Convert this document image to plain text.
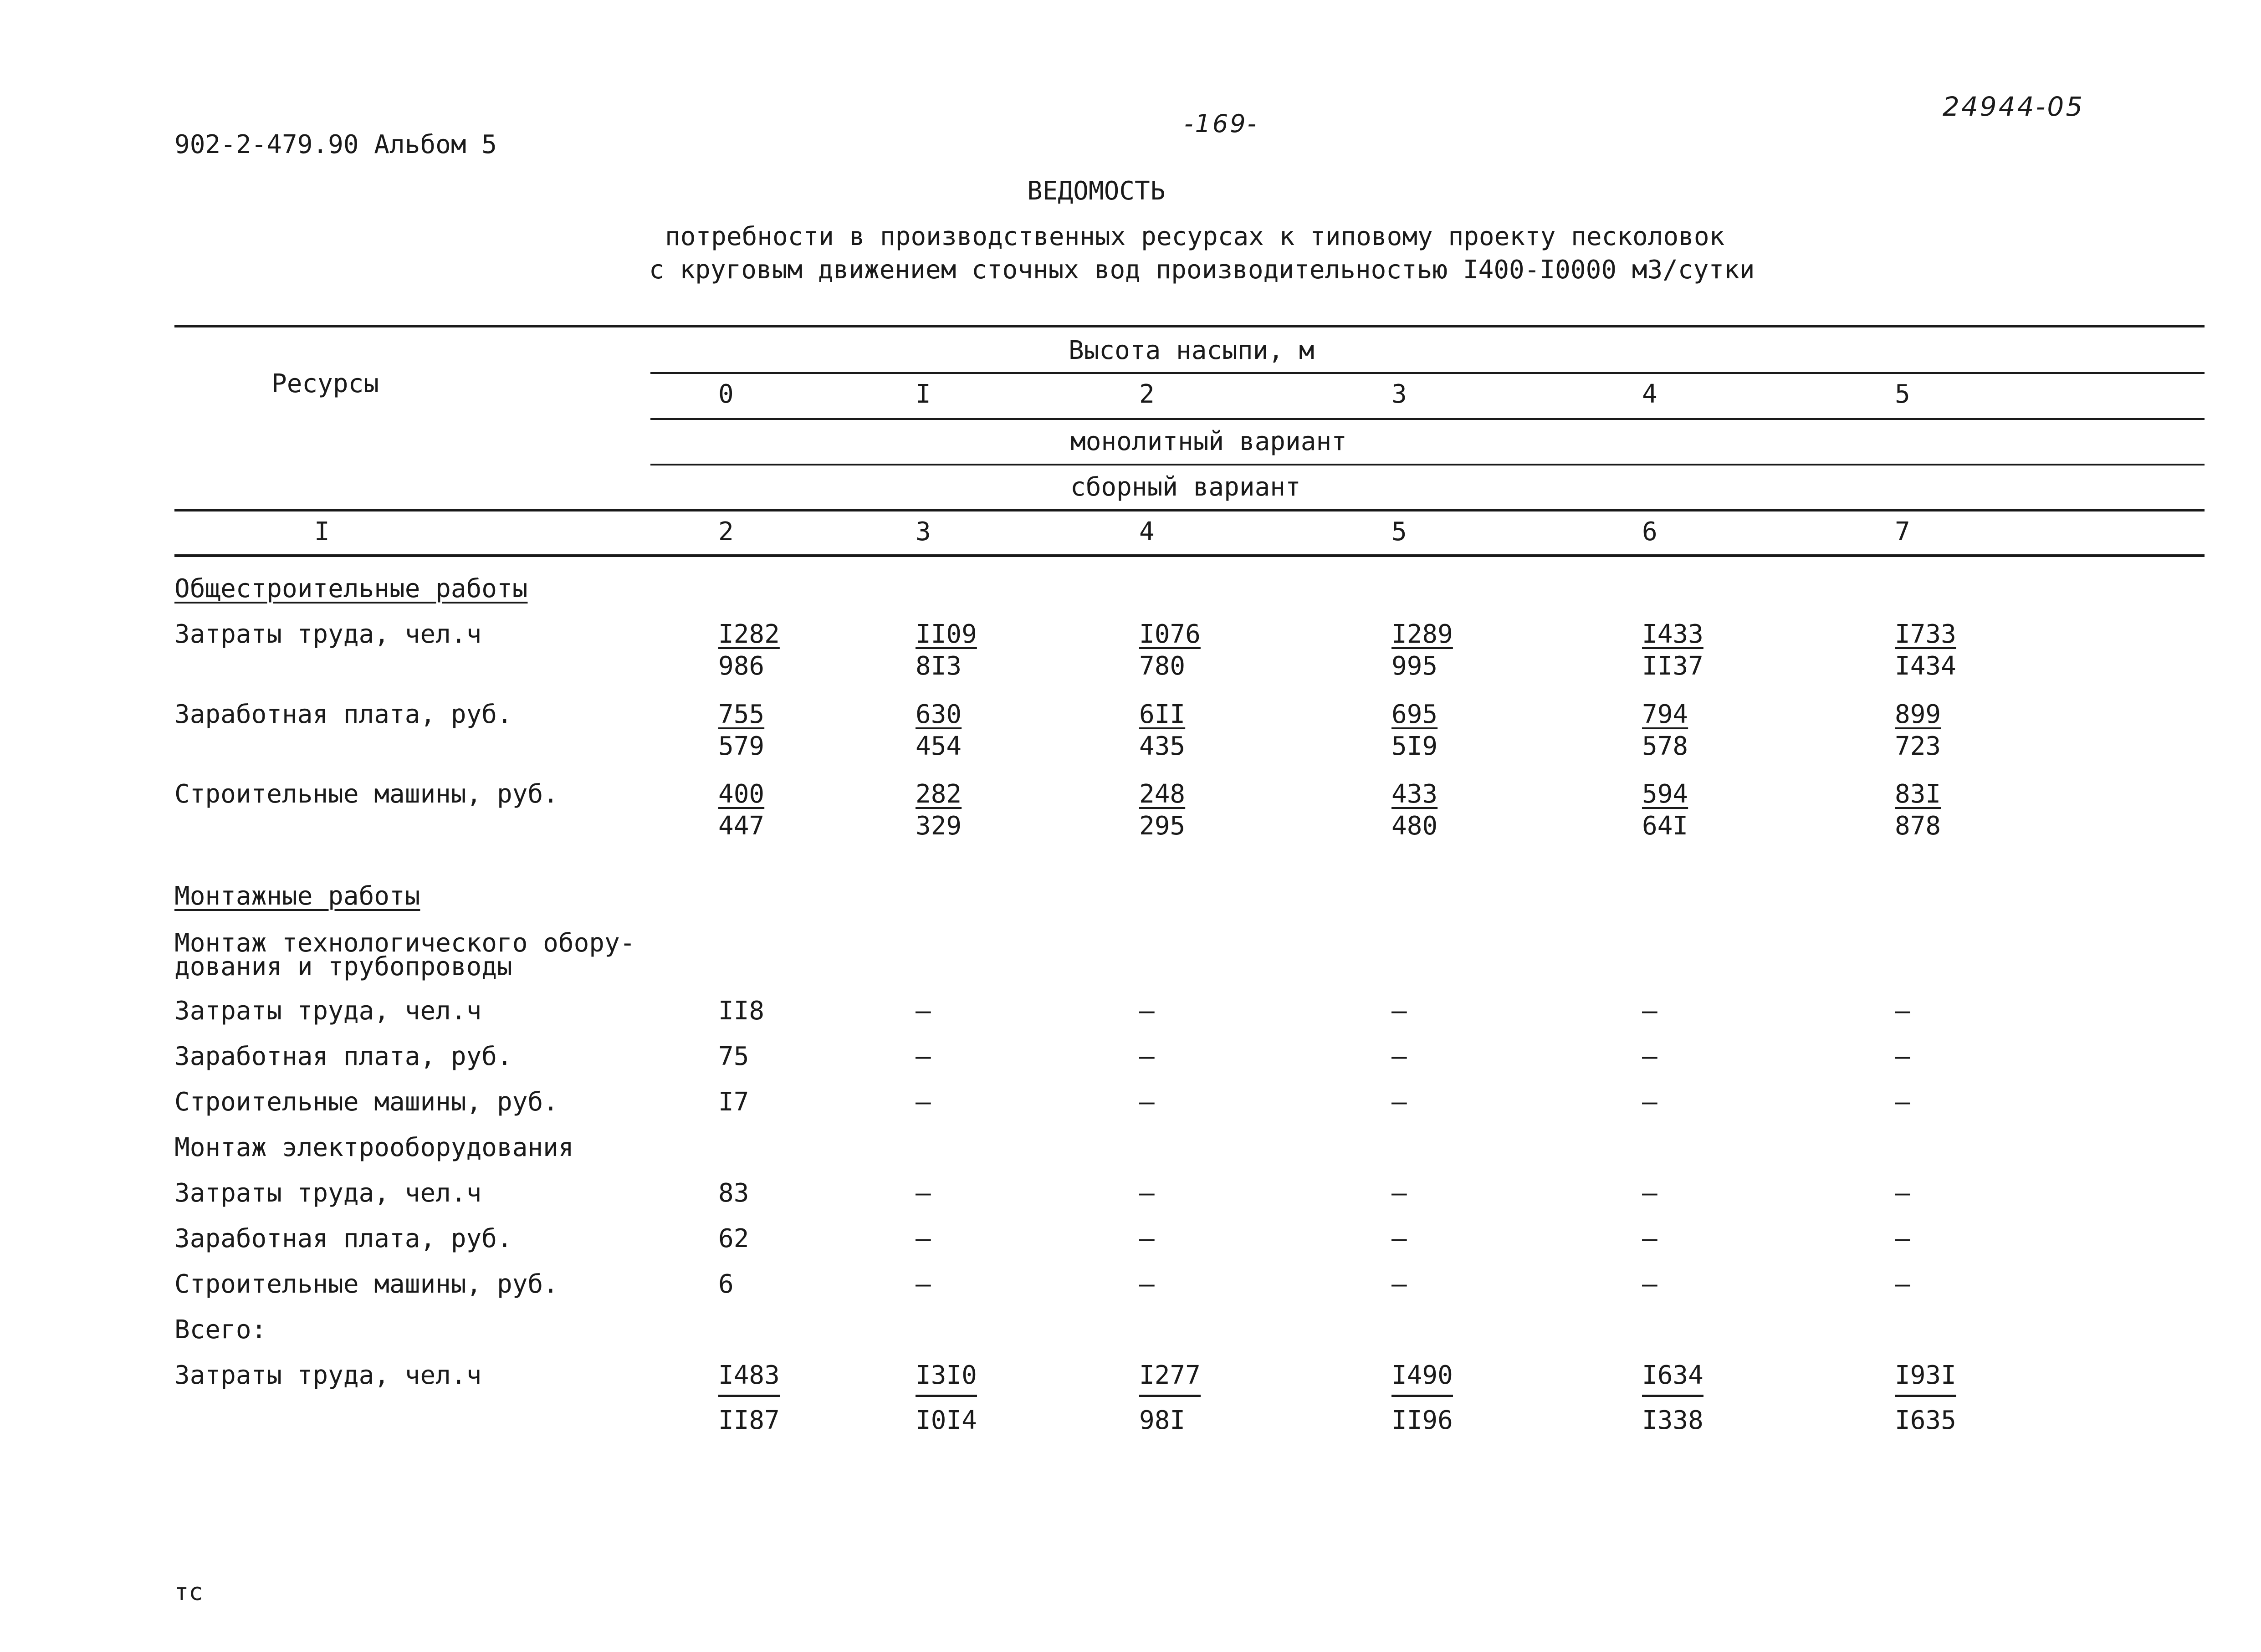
902-2-479.90 Альбом 5
-169-
24944-05
ВЕДОМОСТЬ
потребности в производственных ресурсах к типовому проекту песколовок
с круговым движением сточных вод производительностью I400-I0000 м3/сутки
Ресурсы
Высота насыпи, м
0	I	2	3	4	5
монолитный вариант
сборный вариант
I	2	3	4	5	6	7
Общестроительные работы
Затраты труда, чел.ч	$\frac{I282}{986}$	$\frac{II09}{8I3}$	$\frac{I076}{780}$	$\frac{I289}{995}$	$\frac{I433}{II37}$	$\frac{I733}{I434}$
Заработная плата, руб.	$\frac{755}{579}$	$\frac{630}{454}$	$\frac{6II}{435}$	$\frac{695}{5I9}$	$\frac{794}{578}$	$\frac{899}{723}$
Строительные машины, руб.	$\frac{400}{447}$	$\frac{282}{329}$	$\frac{248}{295}$	$\frac{433}{480}$	$\frac{594}{64I}$	$\frac{83I}{878}$
Монтажные работы
Монтаж технологического обору-
дования и трубопроводы
Затраты труда, чел.ч	II8	–	–	–	–	–
Заработная плата, руб.	75	–	–	–	–	–
Строительные машины, руб.	I7	–	–	–	–	–
Монтаж электрооборудования
Затраты труда, чел.ч	83	–	–	–	–	–
Заработная плата, руб.	62	–	–	–	–	–
Строительные машины, руб.	6	–	–	–	–	–
Всего:
Затраты труда, чел.ч	$\frac{I483}{II87}$	$\frac{I3I0}{I0I4}$	$\frac{I277}{98I}$	$\frac{I490}{II96}$	$\frac{I634}{I338}$	$\frac{I93I}{I635}$
тс
